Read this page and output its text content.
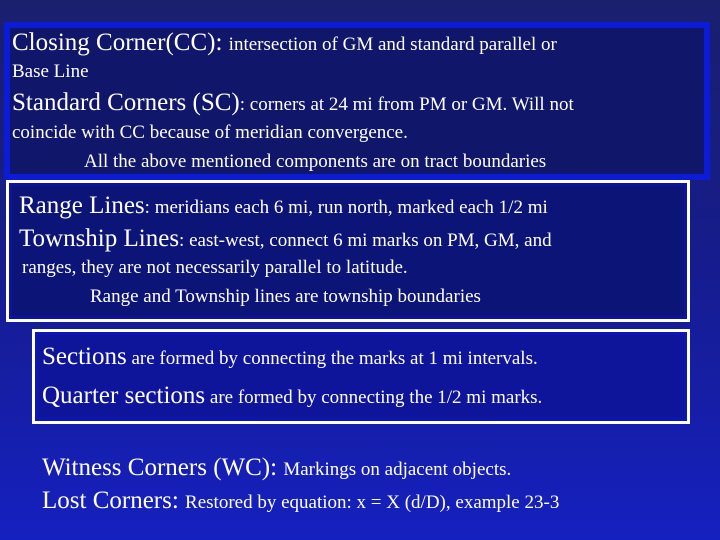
Closing Corner(CC): intersection of GM and standard parallel or
Base Line
Standard Corners (SC): corners at 24 mi from PM or GM. Will not
coincide with CC because of meridian convergence.
All the above mentioned components are on tract boundaries
Range Lines: meridians each 6 mi, run north, marked each 1/2 mi
Township Lines: east-west, connect 6 mi marks on PM, GM, and
ranges, they are not necessarily parallel to latitude.
Range and Township lines are township boundaries
Sections are formed by connecting the marks at 1 mi intervals.
Quarter sections are formed by connecting the 1/2 mi marks.
Witness Corners (WC): Markings on adjacent objects.
Lost Corners: Restored by equation: x = X (d/D), example 23-3
